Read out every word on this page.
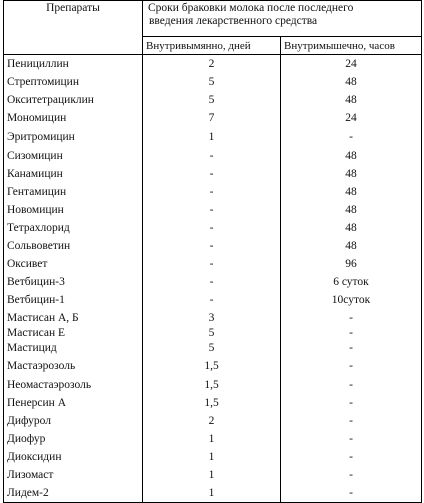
Препараты	Сроки браковки молока после последнего
введения лекарственного средства	

	Внутривымянно, дней	Внутримышечно, часов
Пенициллин	2	24
Стрептомицин	5	48
Окситетрациклин	5	48
Мономицин	7	24
Эритромицин	1	-
Сизомицин	-	48
Канамицин	-	48
Гентамицин	-	48
Новомицин	-	48
Тетрахлорид	-	48
Сольвоветин	-	48
Оксивет	-	96
Ветбицин-3	-	6 суток
Ветбицин-1	-	10суток
Мастисан А, Б	3	-
Мастисан Е	5	-
Мастицид	5	-
Мастаэрозоль	1,5	-
Неомастаэрозоль	1,5	-
Пенерсин А	1,5	-
Дифурол	2	-
Диофур	1	-
Диоксидин	1	-
Лизомаст	1	-
Лидем-2	1	-
